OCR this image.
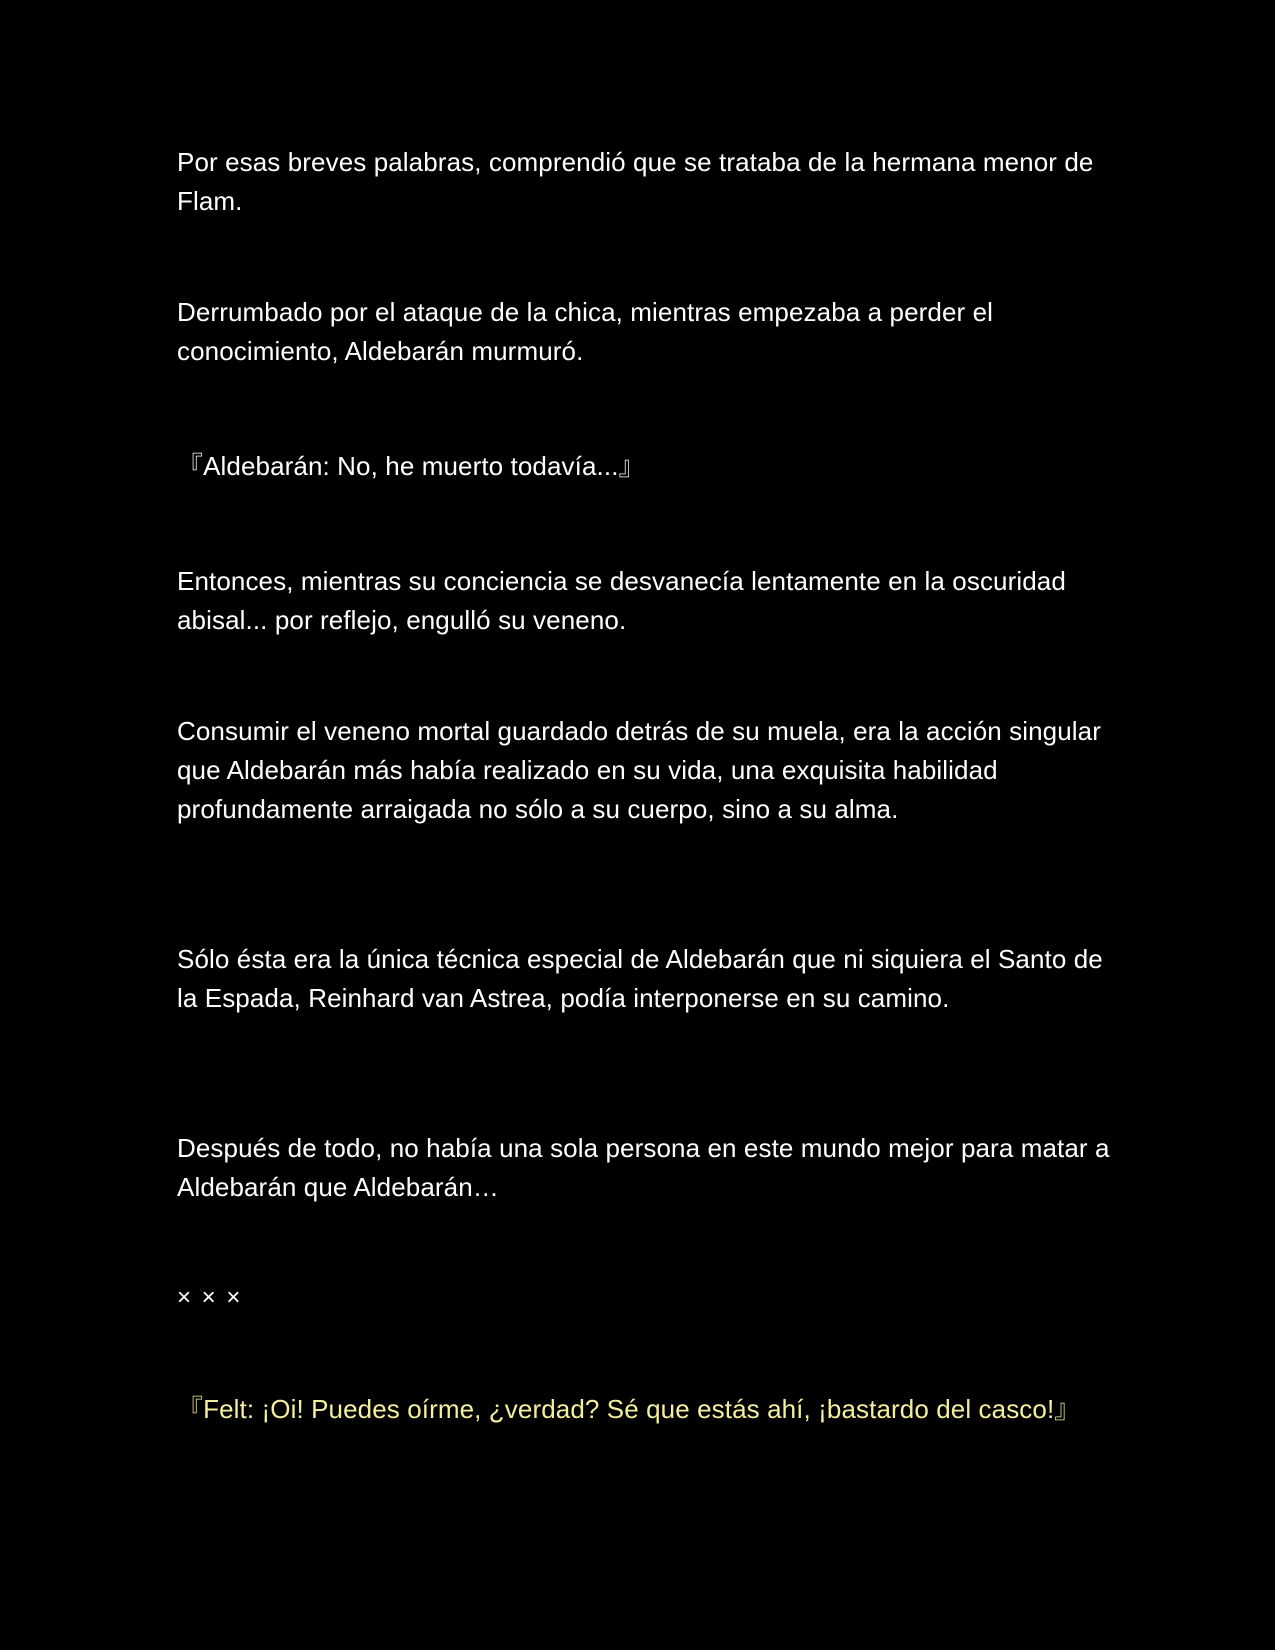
Por esas breves palabras, comprendió que se trataba de la hermana menor de Flam.

Derrumbado por el ataque de la chica, mientras empezaba a perder el conocimiento, Aldebarán murmuró.

『Aldebarán: No, he muerto todavía...』

Entonces, mientras su conciencia se desvanecía lentamente en la oscuridad abisal... por reflejo, engulló su veneno.

Consumir el veneno mortal guardado detrás de su muela, era la acción singular que Aldebarán más había realizado en su vida, una exquisita habilidad profundamente arraigada no sólo a su cuerpo, sino a su alma.

Sólo ésta era la única técnica especial de Aldebarán que ni siquiera el Santo de la Espada, Reinhard van Astrea, podía interponerse en su camino.

Después de todo, no había una sola persona en este mundo mejor para matar a Aldebarán que Aldebarán…

× × ×

『Felt: ¡Oi! Puedes oírme, ¿verdad? Sé que estás ahí, ¡bastardo del casco!』
